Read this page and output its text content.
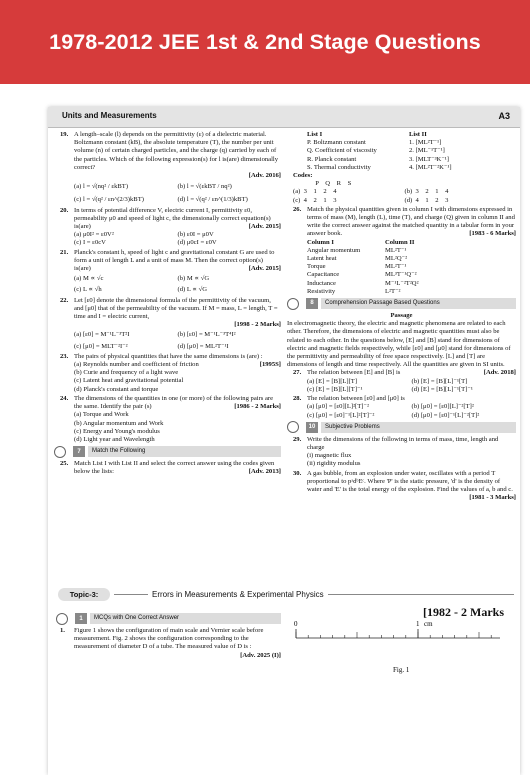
1978-2012 JEE 1st & 2nd Stage Questions
Units and Measurements	A3
19. A length–scale (l) depends on the permittivity (ε) of a dielectric material. Boltzmann constant (kB), the absolute temperature (T), the number per unit volume (n) of certain charged particles, and the charge (q) carried by each of the particles. Which of the following expression(s) for l is(are) dimensionally correct?
[Adv. 2016]
(a) l = √(nq² / εkBT)	(b) l = √(εkBT / nq²)
(c) l = √(q² / εn^(2/3)kBT)	(d) l = √(q² / εn^(1/3)kBT)
20. In terms of potential difference V, electric current I, permittivity ε0, permeability μ0 and speed of light c, the dimensionally correct equation(s) is(are)	[Adv. 2015]
(a) μ0I² = ε0V²	(b) ε0I = μ0V
(c) I = ε0cV	(d) μ0cI = ε0V
21. Planck's constant h, speed of light c and gravitational constant G are used to form a unit of length L and a unit of mass M. Then the correct option(s) is(are)	[Adv. 2015]
(a) M ∝ √c	(b) M ∝ √G
(c) L ∝ √h	(d) L ∝ √G
22. Let [ε0] denote the dimensional formula of the permittivity of the vacuum, and [μ0] that of the permeability of the vacuum. If M = mass, L = length, T = time and I = electric current,
[1998 - 2 Marks]
(a) [ε0] = M⁻¹L⁻³T²I	(b) [ε0] = M⁻¹L⁻³T⁴I²
(c) [μ0] = MLT⁻²I⁻²	(d) [μ0] = ML²T⁻¹I
23. The pairs of physical quantities that have the same dimensions is (are) :
[1995S]
(a) Reynolds number and coefficient of friction
(b) Curie and frequency of a light wave
(c) Latent heat and gravitational potential
(d) Planck's constant and torque
24. The dimensions of the quantities in one (or more) of the following pairs are the same. Identify the pair (s)	[1986 - 2 Marks]
(a) Torque and Work
(b) Angular momentum and Work
(c) Energy and Young's modulus
(d) Light year and Wavelength
7	Match the Following
25. Match List I with List II and select the correct answer using the codes given below the lists:	[Adv. 2013]
List I	List II
P. Boltzmann constant	1. [ML²T⁻¹]
Q. Coefficient of viscosity	2. [ML⁻¹T⁻¹]
R. Planck constant	3. [MLT⁻³K⁻¹]
S. Thermal conductivity	4. [ML²T⁻²K⁻¹]
Codes:
P    Q    R    S
(a)  3    1    2    4	(b)  3    2    1    4
(c)  4    2    1    3	(d)  4    1    2    3
26. Match the physical quantities given in column I with dimensions expressed in terms of mass (M), length (L), time (T), and charge (Q) given in column II and write the correct answer against the matched quantity in a tabular form in your answer book.	[1983 - 6 Marks]
Column I	Column II
Angular momentum	ML²T⁻¹
Latent heat	ML²Q⁻²
Torque	ML²T⁻¹
Capacitance	ML³T⁻¹Q⁻²
Inductance	M⁻¹L⁻²T²Q²
Resistivity	L²T⁻²
8	Comprehension Passage Based Questions
Passage
In electromagnetic theory, the electric and magnetic phenomena are related to each other. Therefore, the dimensions of electric and magnetic quantities must also be related to each other. In the questions below, [E] and [B] stand for dimensions of electric and magnetic fields respectively, while [ε0] and [μ0] stand for dimensions of the permittivity and permeability of free space respectively. [L] and [T] are dimensions of length and time respectively. All the quantities are given in SI units.
[Adv. 2018]
27. The relation between [E] and [B] is
(a) [E] = [B][L][T]	(b) [E] = [B][L]⁻¹[T]
(c) [E] = [B][L][T]⁻¹	(d) [E] = [B][L]⁻¹[T]⁻¹
28. The relation between [ε0] and [μ0] is
(a) [μ0] = [ε0][L]²[T]⁻²	(b) [μ0] = [ε0][L]⁻²[T]²
(c) [μ0] = [ε0]⁻¹[L]²[T]⁻²	(d) [μ0] = [ε0]⁻¹[L]⁻²[T]²
10	Subjective Problems
29. Write the dimensions of the following in terms of mass, time, length and charge
(i) magnetic flux
(ii) rigidity modulus
30. A gas bubble, from an explosion under water, oscillates with a period T proportional to pᵃdᵇEᶜ. Where 'P' is the static pressure, 'd' is the density of water and 'E' is the total energy of the explosion. Find the values of a, b and c.
[1981 - 3 Marks]
[1982 - 2 Marks
Topic-3:	Errors in Measurements & Experimental Physics
1	MCQs with One Correct Answer
1. Figure 1 shows the configuration of main scale and Vernier scale before measurement. Fig. 2 shows the configuration corresponding to the measurement of diameter D of a tube. The measured value of D is :
[Adv. 2025 (I)]
0	1 cm
Fig. 1
